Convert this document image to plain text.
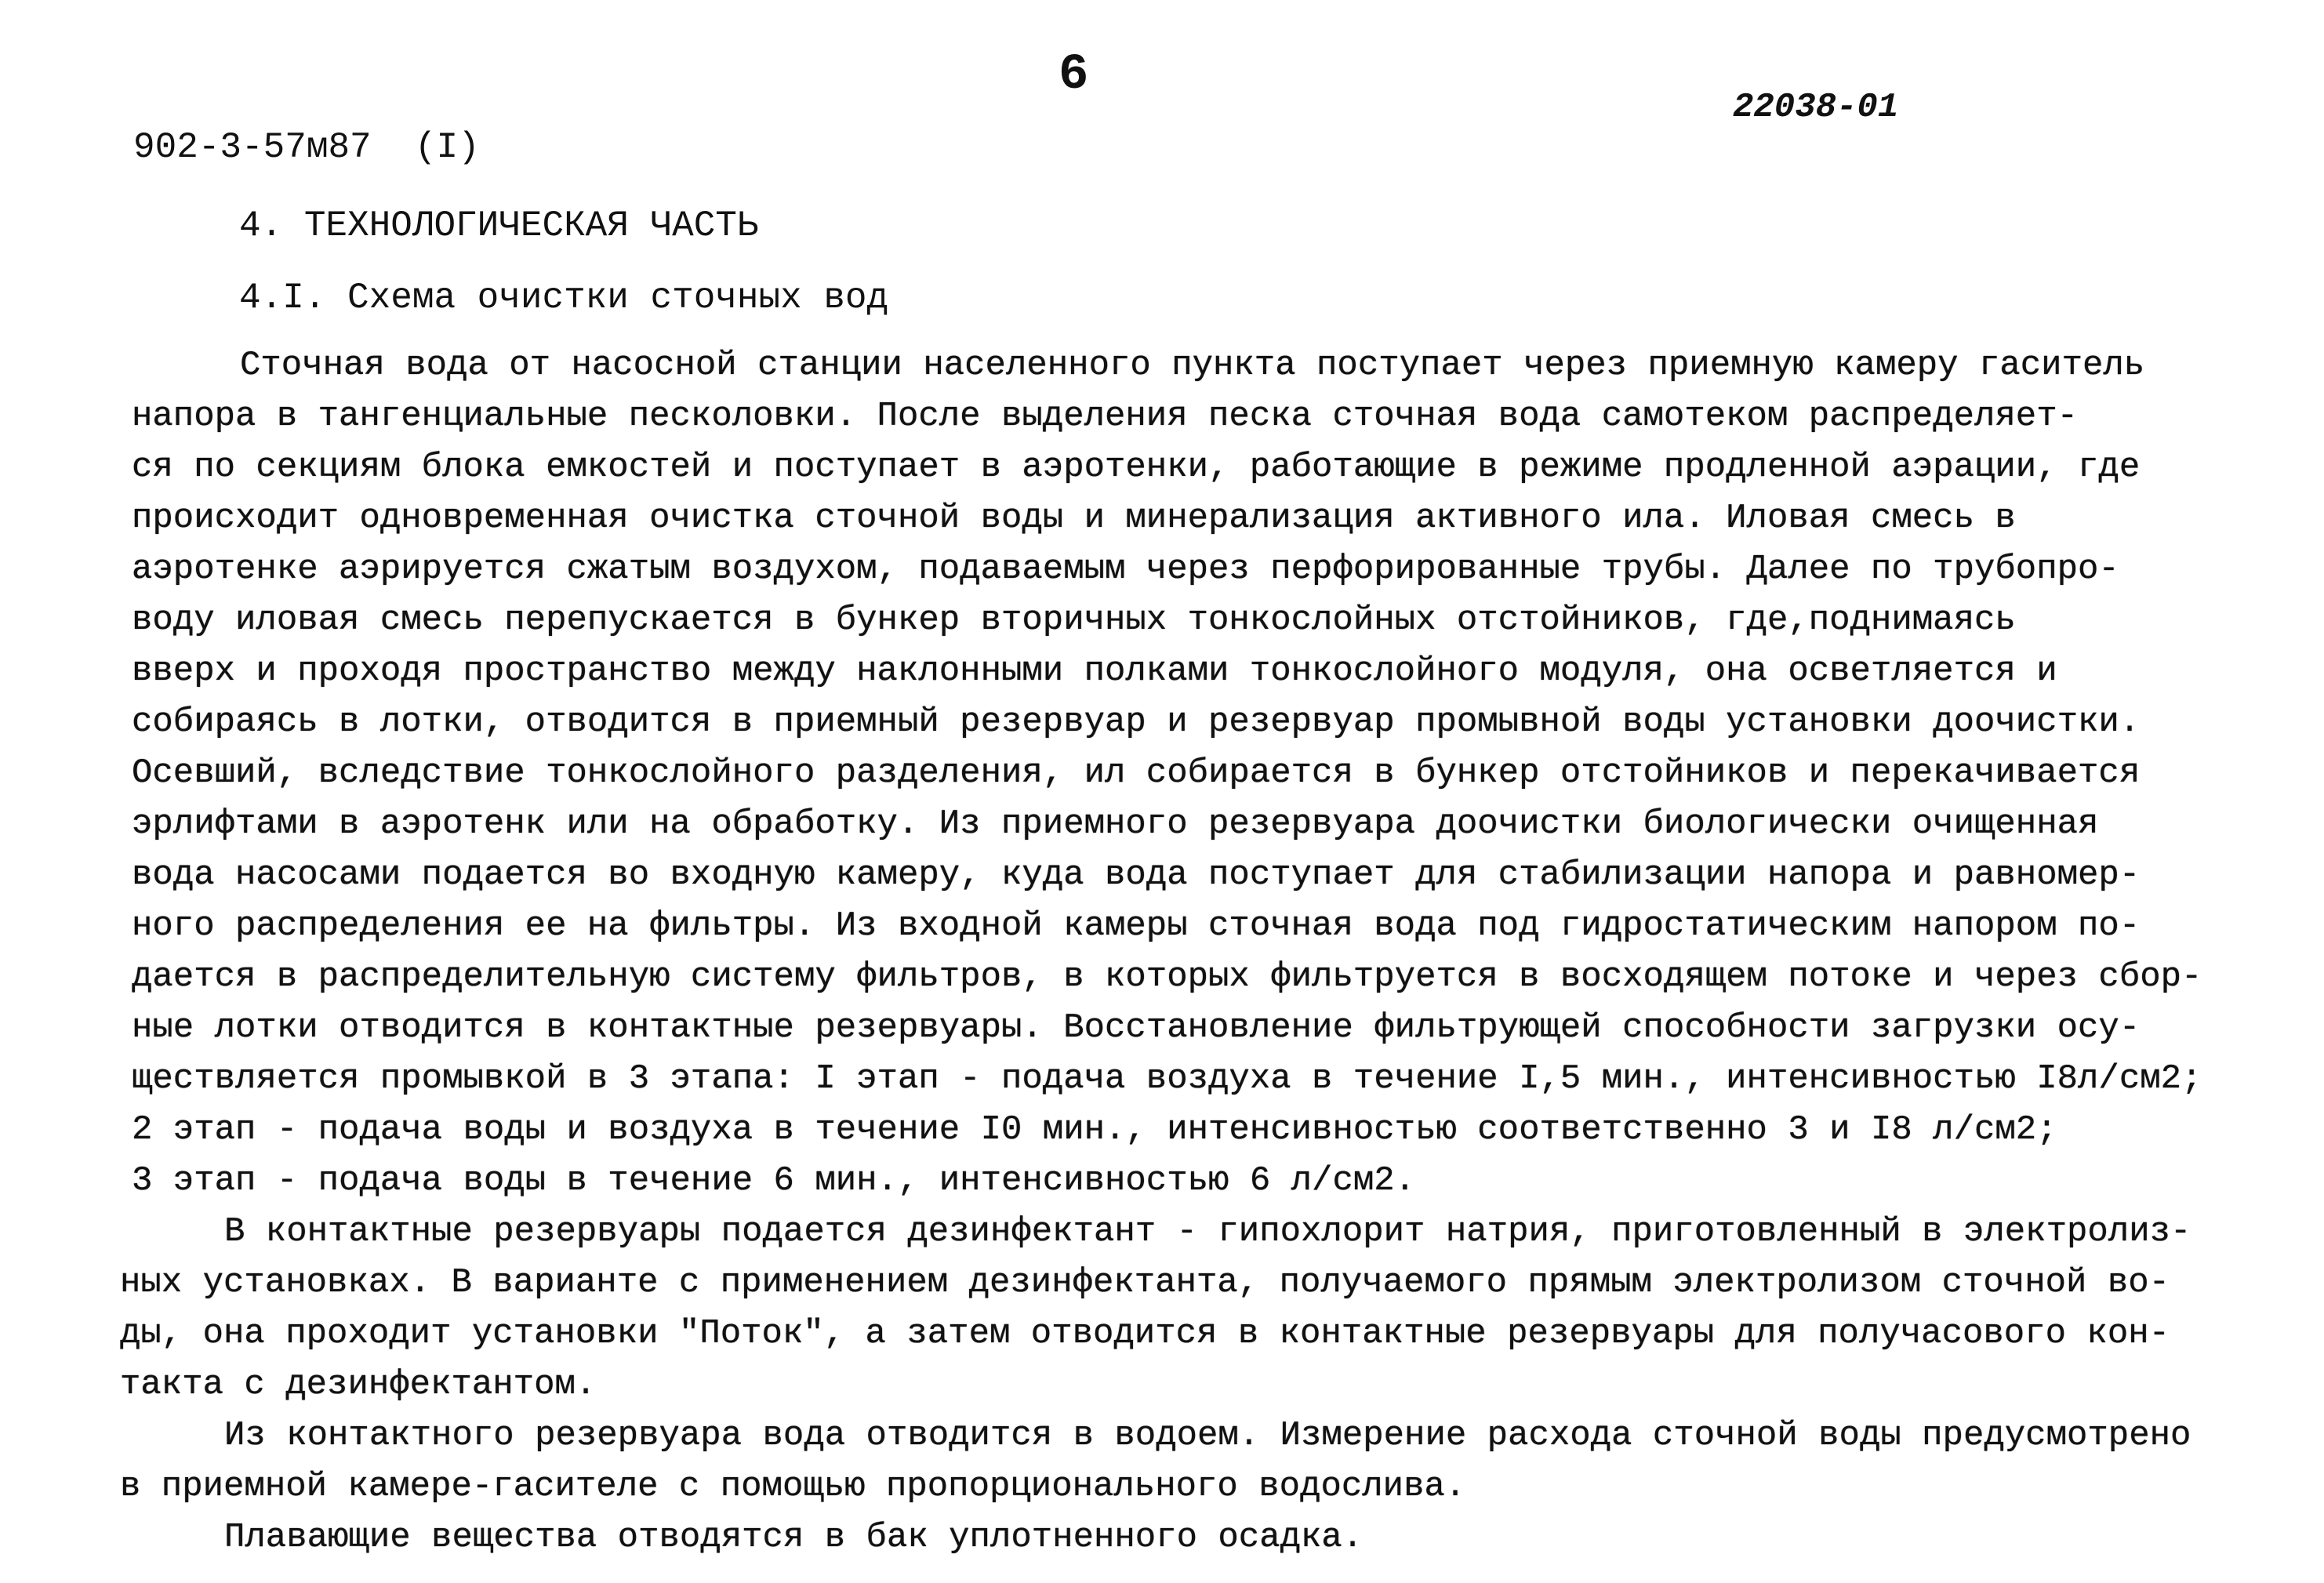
6
22038-01
902-3-57м87  (I)
4. ТЕХНОЛОГИЧЕСКАЯ ЧАСТЬ
4.I. Схема очистки сточных вод
Сточная вода от насосной станции населенного пункта поступает через приемную камеру гаситель
напора в тангенциальные песколовки. После выделения песка сточная вода самотеком распределяет-
ся по секциям блока емкостей и поступает в аэротенки, работающие в режиме продленной аэрации, где
происходит одновременная очистка сточной воды и минерализация активного ила. Иловая смесь в
аэротенке аэрируется сжатым воздухом, подаваемым через перфорированные трубы. Далее по трубопро-
воду иловая смесь перепускается в бункер вторичных тонкослойных отстойников, где,поднимаясь
вверх и проходя пространство между наклонными полками тонкослойного модуля, она осветляется и
собираясь в лотки, отводится в приемный резервуар и резервуар промывной воды установки доочистки.
Осевший, вследствие тонкослойного разделения, ил собирается в бункер отстойников и перекачивается
эрлифтами в аэротенк или на обработку. Из приемного резервуара доочистки биологически очищенная
вода насосами подается во входную камеру, куда вода поступает для стабилизации напора и равномер-
ного распределения ее на фильтры. Из входной камеры сточная вода под гидростатическим напором по-
дается в распределительную систему фильтров, в которых фильтруется в восходящем потоке и через сбор-
ные лотки отводится в контактные резервуары. Восстановление фильтрующей способности загрузки осу-
ществляется промывкой в 3 этапа: I этап - подача воздуха в течение I,5 мин., интенсивностью I8л/см2;
2 этап - подача воды и воздуха в течение I0 мин., интенсивностью соответственно 3 и I8 л/см2;
3 этап - подача воды в течение 6 мин., интенсивностью 6 л/см2.
В контактные резервуары подается дезинфектант - гипохлорит натрия, приготовленный в электролиз-
ных установках. В варианте с применением дезинфектанта, получаемого прямым электролизом сточной во-
ды, она проходит установки "Поток", а затем отводится в контактные резервуары для получасового кон-
такта с дезинфектантом.
Из контактного резервуара вода отводится в водоем. Измерение расхода сточной воды предусмотрено
в приемной камере-гасителе с помощью пропорционального водослива.
Плавающие вещества отводятся в бак уплотненного осадка.
